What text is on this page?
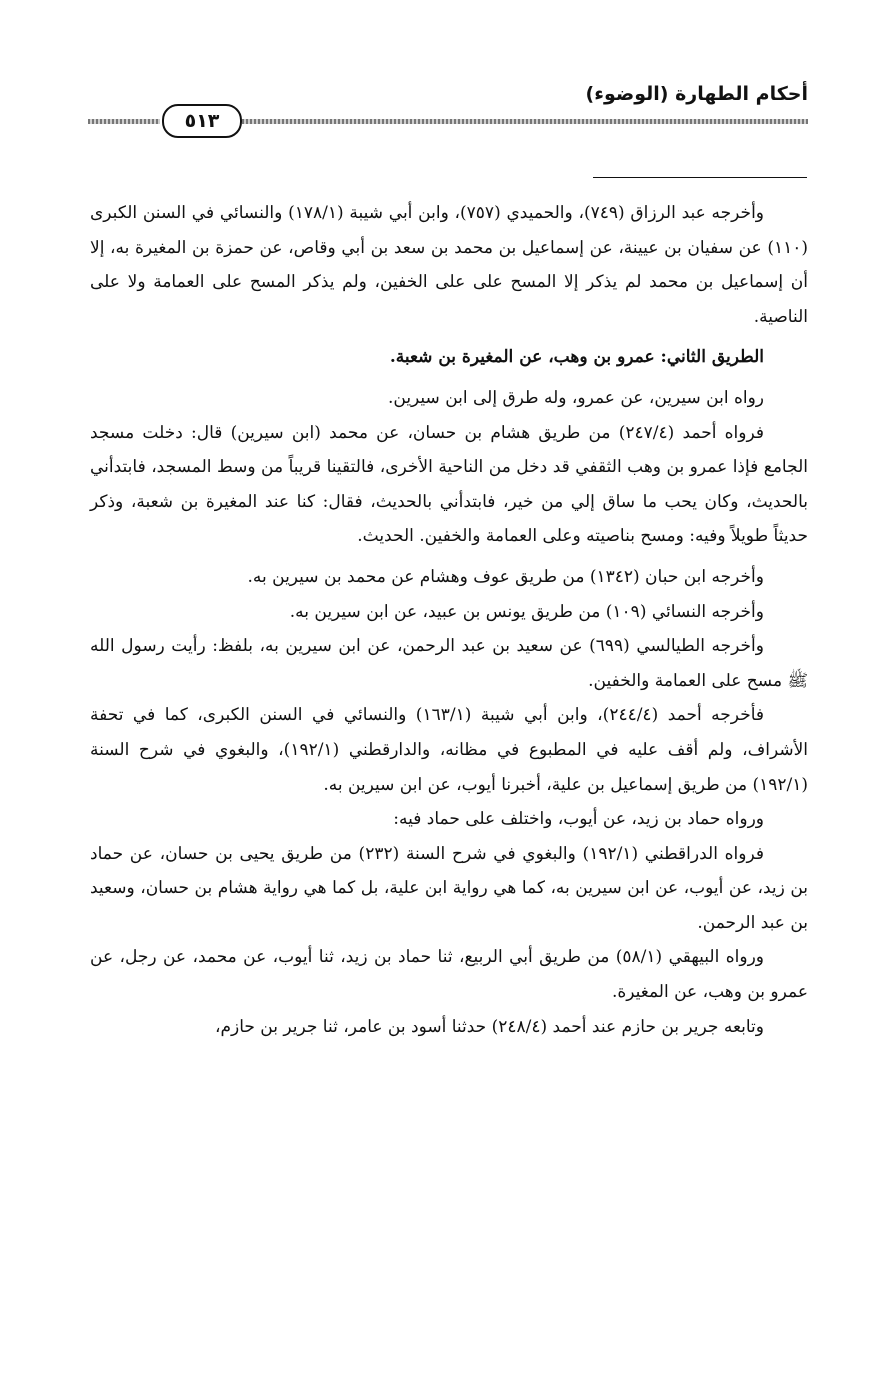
أحكام الطهارة (الوضوء)
٥١٣

وأخرجه عبد الرزاق (٧٤٩)، والحميدي (٧٥٧)، وابن أبي شيبة (١٧٨/١) والنسائي في السنن الكبرى (١١٠) عن سفيان بن عيينة، عن إسماعيل بن محمد بن سعد بن أبي وقاص، عن حمزة بن المغيرة به، إلا أن إسماعيل بن محمد لم يذكر إلا المسح على على الخفين، ولم يذكر المسح على العمامة ولا على الناصية.

الطريق الثاني: عمرو بن وهب، عن المغيرة بن شعبة.

رواه ابن سيرين، عن عمرو، وله طرق إلى ابن سيرين.

فرواه أحمد (٢٤٧/٤) من طريق هشام بن حسان، عن محمد (ابن سيرين) قال: دخلت مسجد الجامع فإذا عمرو بن وهب الثقفي قد دخل من الناحية الأخرى، فالتقينا قريباً من وسط المسجد، فابتدأني بالحديث، وكان يحب ما ساق إلي من خير، فابتدأني بالحديث، فقال: كنا عند المغيرة بن شعبة، وذكر حديثاً طويلاً وفيه: ومسح بناصيته وعلى العمامة والخفين. الحديث.

وأخرجه ابن حبان (١٣٤٢) من طريق عوف وهشام عن محمد بن سيرين به.

وأخرجه النسائي (١٠٩) من طريق يونس بن عبيد، عن ابن سيرين به.

وأخرجه الطيالسي (٦٩٩) عن سعيد بن عبد الرحمن، عن ابن سيرين به، بلفظ: رأيت رسول الله ﷺ مسح على العمامة والخفين.

فأخرجه أحمد (٢٤٤/٤)، وابن أبي شيبة (١٦٣/١) والنسائي في السنن الكبرى، كما في تحفة الأشراف، ولم أقف عليه في المطبوع في مظانه، والدارقطني (١٩٢/١)، والبغوي في شرح السنة (١٩٢/١) من طريق إسماعيل بن علية، أخبرنا أيوب، عن ابن سيرين به.

ورواه حماد بن زيد، عن أيوب، واختلف على حماد فيه:

فرواه الدراقطني (١٩٢/١) والبغوي في شرح السنة (٢٣٢) من طريق يحيى بن حسان، عن حماد بن زيد، عن أيوب، عن ابن سيرين به، كما هي رواية ابن علية، بل كما هي رواية هشام بن حسان، وسعيد بن عبد الرحمن.

ورواه البيهقي (٥٨/١) من طريق أبي الربيع، ثنا حماد بن زيد، ثنا أيوب، عن محمد، عن رجل، عن عمرو بن وهب، عن المغيرة.

وتابعه جرير بن حازم عند أحمد (٢٤٨/٤) حدثنا أسود بن عامر، ثنا جرير بن حازم،
